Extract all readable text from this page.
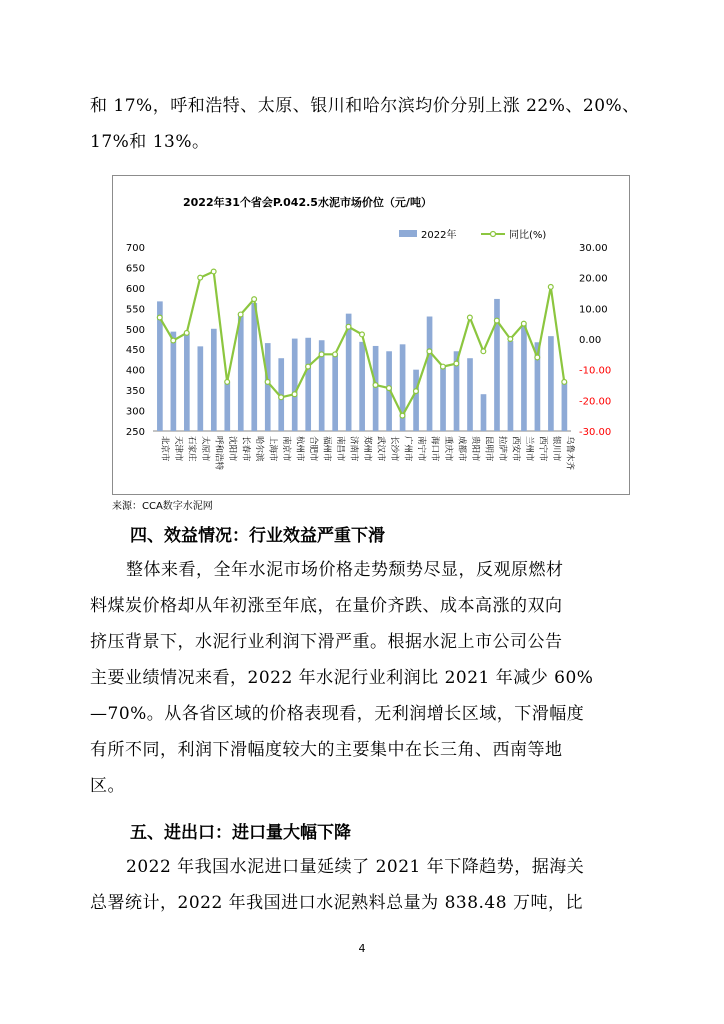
和 17%，呼和浩特、太原、银川和哈尔滨均价分别上涨 22%、20%、
17%和 13%。
2022年31个省会P.042.5水泥市场价位（元/吨）
2022年	同比(%)
250
300
350
400
450
500
550
600
650
700
-30.00
-20.00
-10.00
0.00
10.00
20.00
30.00
北京市 天津市 石家庄 太原市 呼和浩特 沈阳市 长春市 哈尔滨 上海市 南京市 杭州市 合肥市 福州市 南昌市 济南市 郑州市 武汉市 长沙市 广州市 南宁市 海口市 重庆市 成都市 贵阳市 昆明市 拉萨市 西安市 兰州市 西宁市 银川市 乌鲁木齐
来源：CCA数字水泥网
四、效益情况：行业效益严重下滑
整体来看，全年水泥市场价格走势颓势尽显，反观原燃材
料煤炭价格却从年初涨至年底，在量价齐跌、成本高涨的双向
挤压背景下，水泥行业利润下滑严重。根据水泥上市公司公告
主要业绩情况来看，2022 年水泥行业利润比 2021 年减少 60%
—70%。从各省区域的价格表现看，无利润增长区域，下滑幅度
有所不同，利润下滑幅度较大的主要集中在长三角、西南等地
区。
五、进出口：进口量大幅下降
2022 年我国水泥进口量延续了 2021 年下降趋势，据海关
总署统计，2022 年我国进口水泥熟料总量为 838.48 万吨，比
4
